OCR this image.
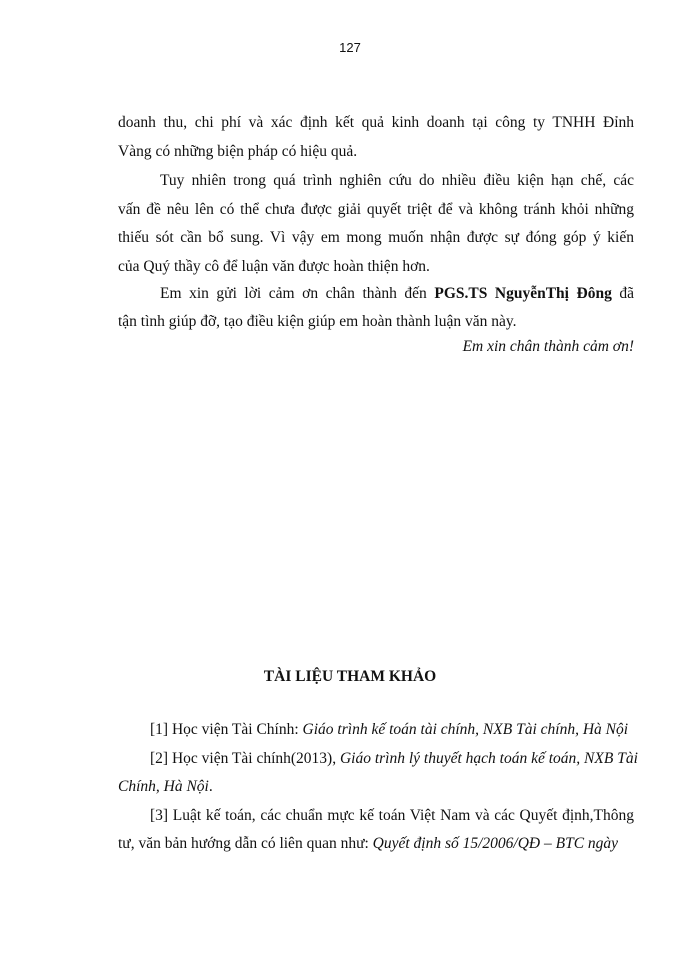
127
doanh thu, chi phí và xác định kết quả kinh doanh tại công ty TNHH Đỉnh
Vàng có những biện pháp có hiệu quả.
Tuy nhiên trong quá trình nghiên cứu do nhiều điều kiện hạn chế, các
vấn đề nêu lên có thể chưa được giải quyết triệt để và không tránh khỏi những
thiếu sót cần bổ sung. Vì vậy em mong muốn nhận được sự đóng góp ý kiến
của Quý thầy cô để luận văn được hoàn thiện hơn.
Em xin gửi lời cảm ơn chân thành đến PGS.TS NguyễnThị Đông đã
tận tình giúp đỡ, tạo điều kiện giúp em hoàn thành luận văn này.
Em xin chân thành cảm ơn!
TÀI LIỆU THAM KHẢO
[1] Học viện Tài Chính: Giáo trình kế toán tài chính, NXB Tài chính, Hà Nội
[2] Học viện Tài chính(2013), Giáo trình lý thuyết hạch toán kế toán, NXB Tài
Chính, Hà Nội.
[3] Luật kế toán, các chuẩn mực kế toán Việt Nam và các Quyết định,Thông
tư, văn bản hướng dẫn có liên quan như: Quyết định số 15/2006/QĐ – BTC ngày
